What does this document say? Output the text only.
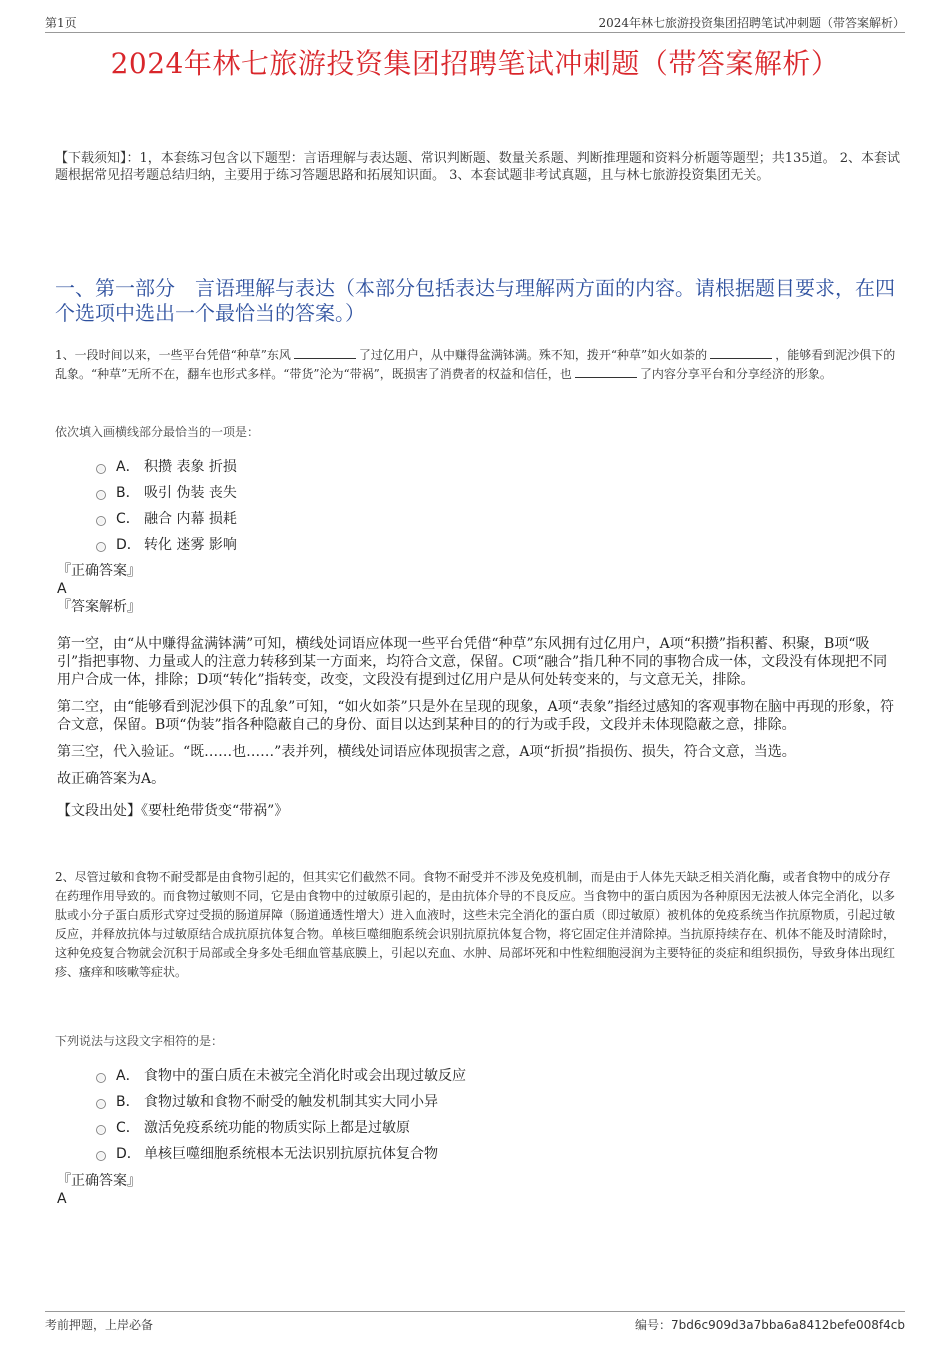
第1页	2024年林七旅游投资集团招聘笔试冲刺题（带答案解析）
2024年林七旅游投资集团招聘笔试冲刺题（带答案解析）
【下载须知】：1，本套练习包含以下题型：言语理解与表达题、常识判断题、数量关系题、判断推理题和资料分析题等题型；共135道。 2、本套试题根据常见招考题总结归纳，主要用于练习答题思路和拓展知识面。 3、本套试题非考试真题，且与林七旅游投资集团无关。
一、第一部分　言语理解与表达（本部分包括表达与理解两方面的内容。请根据题目要求，在四个选项中选出一个最恰当的答案。）
1、一段时间以来，一些平台凭借“种草”东风	了过亿用户，从中赚得盆满钵满。殊不知，拨开“种草”如火如荼的	，能够看到泥沙俱下的乱象。“种草”无所不在，翻车也形式多样。“带货”沦为“带祸”，既损害了消费者的权益和信任，也	了内容分享平台和分享经济的形象。
依次填入画横线部分最恰当的一项是：
A． 积攒 表象 折损
B． 吸引 伪装 丧失
C． 融合 内幕 损耗
D． 转化 迷雾 影响
『正确答案』
A
『答案解析』

第一空，由“从中赚得盆满钵满”可知，横线处词语应体现一些平台凭借“种草”东风拥有过亿用户，A项“积攒”指积蓄、积聚，B项“吸引”指把事物、力量或人的注意力转移到某一方面来，均符合文意，保留。C项“融合”指几种不同的事物合成一体，文段没有体现把不同用户合成一体，排除；D项“转化”指转变，改变，文段没有提到过亿用户是从何处转变来的，与文意无关，排除。

第二空，由“能够看到泥沙俱下的乱象”可知，“如火如荼”只是外在呈现的现象，A项“表象”指经过感知的客观事物在脑中再现的形象，符合文意，保留。B项“伪装”指各种隐蔽自己的身份、面目以达到某种目的的行为或手段，文段并未体现隐蔽之意，排除。

第三空，代入验证。“既……也……”表并列，横线处词语应体现损害之意，A项“折损”指损伤、损失，符合文意，当选。

故正确答案为A。

【文段出处】《要杜绝带货变“带祸”》

2、尽管过敏和食物不耐受都是由食物引起的，但其实它们截然不同。食物不耐受并不涉及免疫机制，而是由于人体先天缺乏相关消化酶，或者食物中的成分存在药理作用导致的。而食物过敏则不同，它是由食物中的过敏原引起的，是由抗体介导的不良反应。当食物中的蛋白质因为各种原因无法被人体完全消化，以多肽或小分子蛋白质形式穿过受损的肠道屏障（肠道通透性增大）进入血液时，这些未完全消化的蛋白质（即过敏原）被机体的免疫系统当作抗原物质，引起过敏反应，并释放抗体与过敏原结合成抗原抗体复合物。单核巨噬细胞系统会识别抗原抗体复合物，将它固定住并清除掉。当抗原持续存在、机体不能及时清除时，这种免疫复合物就会沉积于局部或全身多处毛细血管基底膜上，引起以充血、水肿、局部坏死和中性粒细胞浸润为主要特征的炎症和组织损伤，导致身体出现红疹、瘙痒和咳嗽等症状。
下列说法与这段文字相符的是：
A． 食物中的蛋白质在未被完全消化时或会出现过敏反应
B． 食物过敏和食物不耐受的触发机制其实大同小异
C． 激活免疫系统功能的物质实际上都是过敏原
D． 单核巨噬细胞系统根本无法识别抗原抗体复合物
『正确答案』
A
考前押题，上岸必备	编号：7bd6c909d3a7bba6a8412befe008f4cb
